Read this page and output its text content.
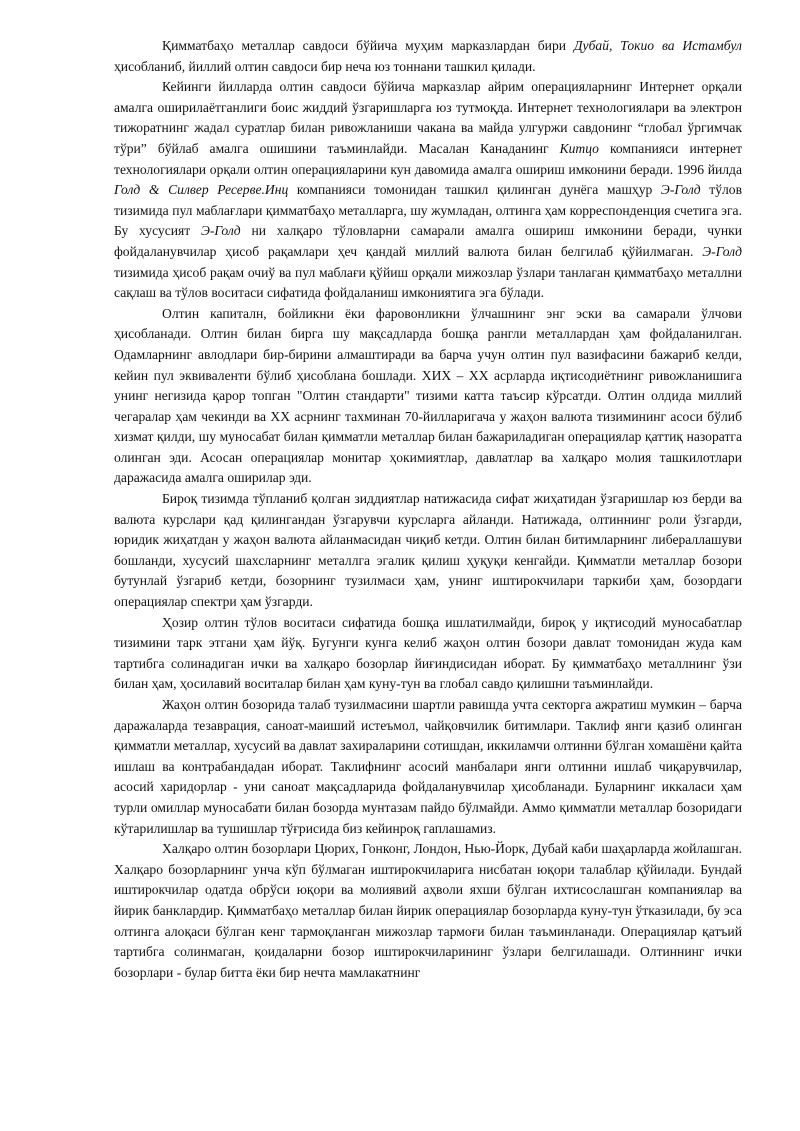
Қимматбаҳо металлар савдоси бўйича муҳим марказлардан бири Дубай, Токио ва Истамбул ҳисобланиб, йиллий олтин савдоси бир неча юз тоннани ташкил қилади.

Кейинги йилларда олтин савдоси бўйича марказлар айрим операцияларнинг Интернет орқали амалга оширилаётганлиги боис жиддий ўзгаришларга юз тутмоқда. Интернет технологиялари ва электрон тижоратнинг жадал суратлар билан ривожланиши чакана ва майда улгуржи савдонинг “глобал ўргимчак тўри” бўйлаб амалга ошишини таъминлайди. Масалан Канаданинг Китцо компанияси интернет технологиялари орқали олтин операцияларини кун давомида амалга ошириш имконини беради. 1996 йилда Голд & Силвер Ресерве.Инц компанияси томонидан ташкил қилинган дунёга машҳур Э-Голд тўлов тизимида пул маблағлари қимматбаҳо металларга, шу жумладан, олтинга ҳам корреспонденция счетига эга. Бу хусусият Э-Голд ни халқаро тўловларни самарали амалга ошириш имконини беради, чунки фойдаланувчилар ҳисоб рақамлари ҳеч қандай миллий валюта билан белгилаб қўйилмаган. Э-Голд тизимида ҳисоб рақам очиў ва пул маблағи қўйиш орқали мижозлар ўзлари танлаган қимматбаҳо металлни сақлаш ва тўлов воситаси сифатида фойдаланиш имкониятига эга бўлади.

Олтин капиталн, бойликни ёки фаровонликни ўлчашнинг энг эски ва самарали ўлчови ҳисобланади. Олтин билан бирга шу мақсадларда бошқа рангли металлардан ҳам фойдаланилган. Одамларнинг авлодлари бир-бирини алмаштиради ва барча учун олтин пул вазифасини бажариб келди, кейин пул эквиваленти бўлиб ҳисоблана бошлади. ХИХ – ХХ асрларда иқтисодиётнинг ривожланишига унинг негизида қарор топган "Олтин стандарти" тизими катта таъсир кўрсатди. Олтин олдида миллий чегаралар ҳам чекинди ва ХХ асрнинг тахминан 70-йилларигача у жаҳон валюта тизимининг асоси бўлиб хизмат қилди, шу муносабат билан қимматли металлар билан бажариладиган операциялар қаттиқ назоратга олинган эди. Асосан операциялар монитар ҳокимиятлар, давлатлар ва халқаро молия ташкилотлари даражасида амалга оширилар эди.

Бироқ тизимда тўпланиб қолган зиддиятлар натижасида сифат жиҳатидан ўзгаришлар юз берди ва валюта курслари қад қилингандан ўзгарувчи курсларга айланди. Натижада, олтиннинг роли ўзгарди, юридик жиҳатдан у жаҳон валюта айланмасидан чиқиб кетди. Олтин билан битимларнинг либераллашуви бошланди, хусусий шахсларнинг металлга эгалик қилиш ҳуқуқи кенгайди. Қимматли металлар бозори бутунлай ўзгариб кетди, бозорнинг тузилмаси ҳам, унинг иштирокчилари таркиби ҳам, бозордаги операциялар спектри ҳам ўзгарди.

Ҳозир олтин тўлов воситаси сифатида бошқа ишлатилмайди, бироқ у иқтисодий муносабатлар тизимини тарк этгани ҳам йўқ. Бугунги кунга келиб жаҳон олтин бозори давлат томонидан жуда кам тартибга солинадиган ички ва халқаро бозорлар йиғиндисидан иборат. Бу қимматбаҳо металлнинг ўзи билан ҳам, ҳосилавий воситалар билан ҳам куну-тун ва глобал савдо қилишни таъминлайди.

Жаҳон олтин бозорида талаб тузилмасини шартли равишда учта секторга ажратиш мумкин – барча даражаларда тезаврация, саноат-маиший истеъмол, чайқовчилик битимлари. Таклиф янги қазиб олинган қимматли металлар, хусусий ва давлат захираларини сотишдан, иккиламчи олтинни бўлган хомашёни қайта ишлаш ва контрабандадан иборат. Таклифнинг асосий манбалари янги олтинни ишлаб чиқарувчилар, асосий харидорлар - уни саноат мақсадларида фойдаланувчилар ҳисобланади. Буларнинг иккаласи ҳам турли омиллар муносабати билан бозорда мунтазам пайдо бўлмайди. Аммо қимматли металлар бозоридаги кўтарилишлар ва тушишлар тўғрисида биз кейинроқ гаплашамиз.

Халқаро олтин бозорлари Цюрих, Гонконг, Лондон, Нью-Йорк, Дубай каби шаҳарларда жойлашган. Халқаро бозорларнинг унча кўп бўлмаган иштирокчиларига нисбатан юқори талаблар қўйилади. Бундай иштирокчилар одатда обрўси юқори ва молиявий аҳволи яхши бўлган ихтисослашган компаниялар ва йирик банклардир. Қимматбаҳо металлар билан йирик операциялар бозорларда куну-тун ўтказилади, бу эса олтинга алоқаси бўлган кенг тармоқланган мижозлар тармоғи билан таъминланади. Операциялар қатъий тартибга солинмаган, қоидаларни бозор иштирокчиларининг ўзлари белгилашади. Олтиннинг ички бозорлари - булар битта ёки бир нечта мамлакатнинг
